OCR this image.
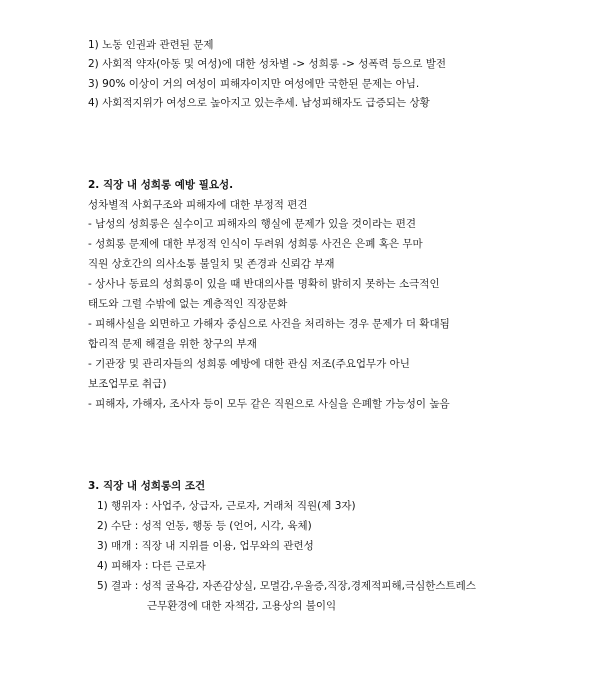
1) 노동 인권과 관련된 문제
2) 사회적 약자(아동 및 여성)에 대한 성차별 -> 성희롱 -> 성폭력 등으로 발전
3) 90% 이상이 거의 여성이 피해자이지만 여성에만 국한된 문제는 아님.
4) 사회적지위가 여성으로 높아지고 있는추세. 남성피해자도 급증되는 상황
2. 직장 내 성희롱 예방 필요성.
성차별적 사회구조와 피해자에 대한 부정적 편견
- 남성의 성희롱은 실수이고 피해자의 행실에 문제가 있을 것이라는 편견
- 성희롱 문제에 대한 부정적 인식이 두려워 성희롱 사건은 은폐 혹은 무마
직원 상호간의 의사소통 불일치 및 존경과 신뢰감 부재
- 상사나 동료의 성희롱이 있을 때 반대의사를 명확히 밝히지 못하는 소극적인
태도와 그럴 수밖에 없는 계층적인 직장문화
- 피해사실을 외면하고 가해자 중심으로 사건을 처리하는 경우 문제가 더 확대됨
합리적 문제 해결을 위한 창구의 부재
- 기관장 및 관리자들의 성희롱 예방에 대한 관심 저조(주요업무가 아닌
보조업무로 취급)
- 피해자, 가해자, 조사자 등이 모두 같은 직원으로 사실을 은폐할 가능성이 높음
3. 직장 내 성희롱의 조건
1) 행위자 : 사업주, 상급자, 근로자, 거래처 직원(제 3자)
2) 수단 : 성적 언동, 행동 등 (언어, 시각, 육체)
3) 매개 : 직장 내 지위를 이용, 업무와의 관련성
4) 피해자 : 다른 근로자
5) 결과 : 성적 굴욕감, 자존감상실, 모멸감,우울증,직장,경제적피해,극심한스트레스
근무환경에 대한 자책감, 고용상의 불이익
